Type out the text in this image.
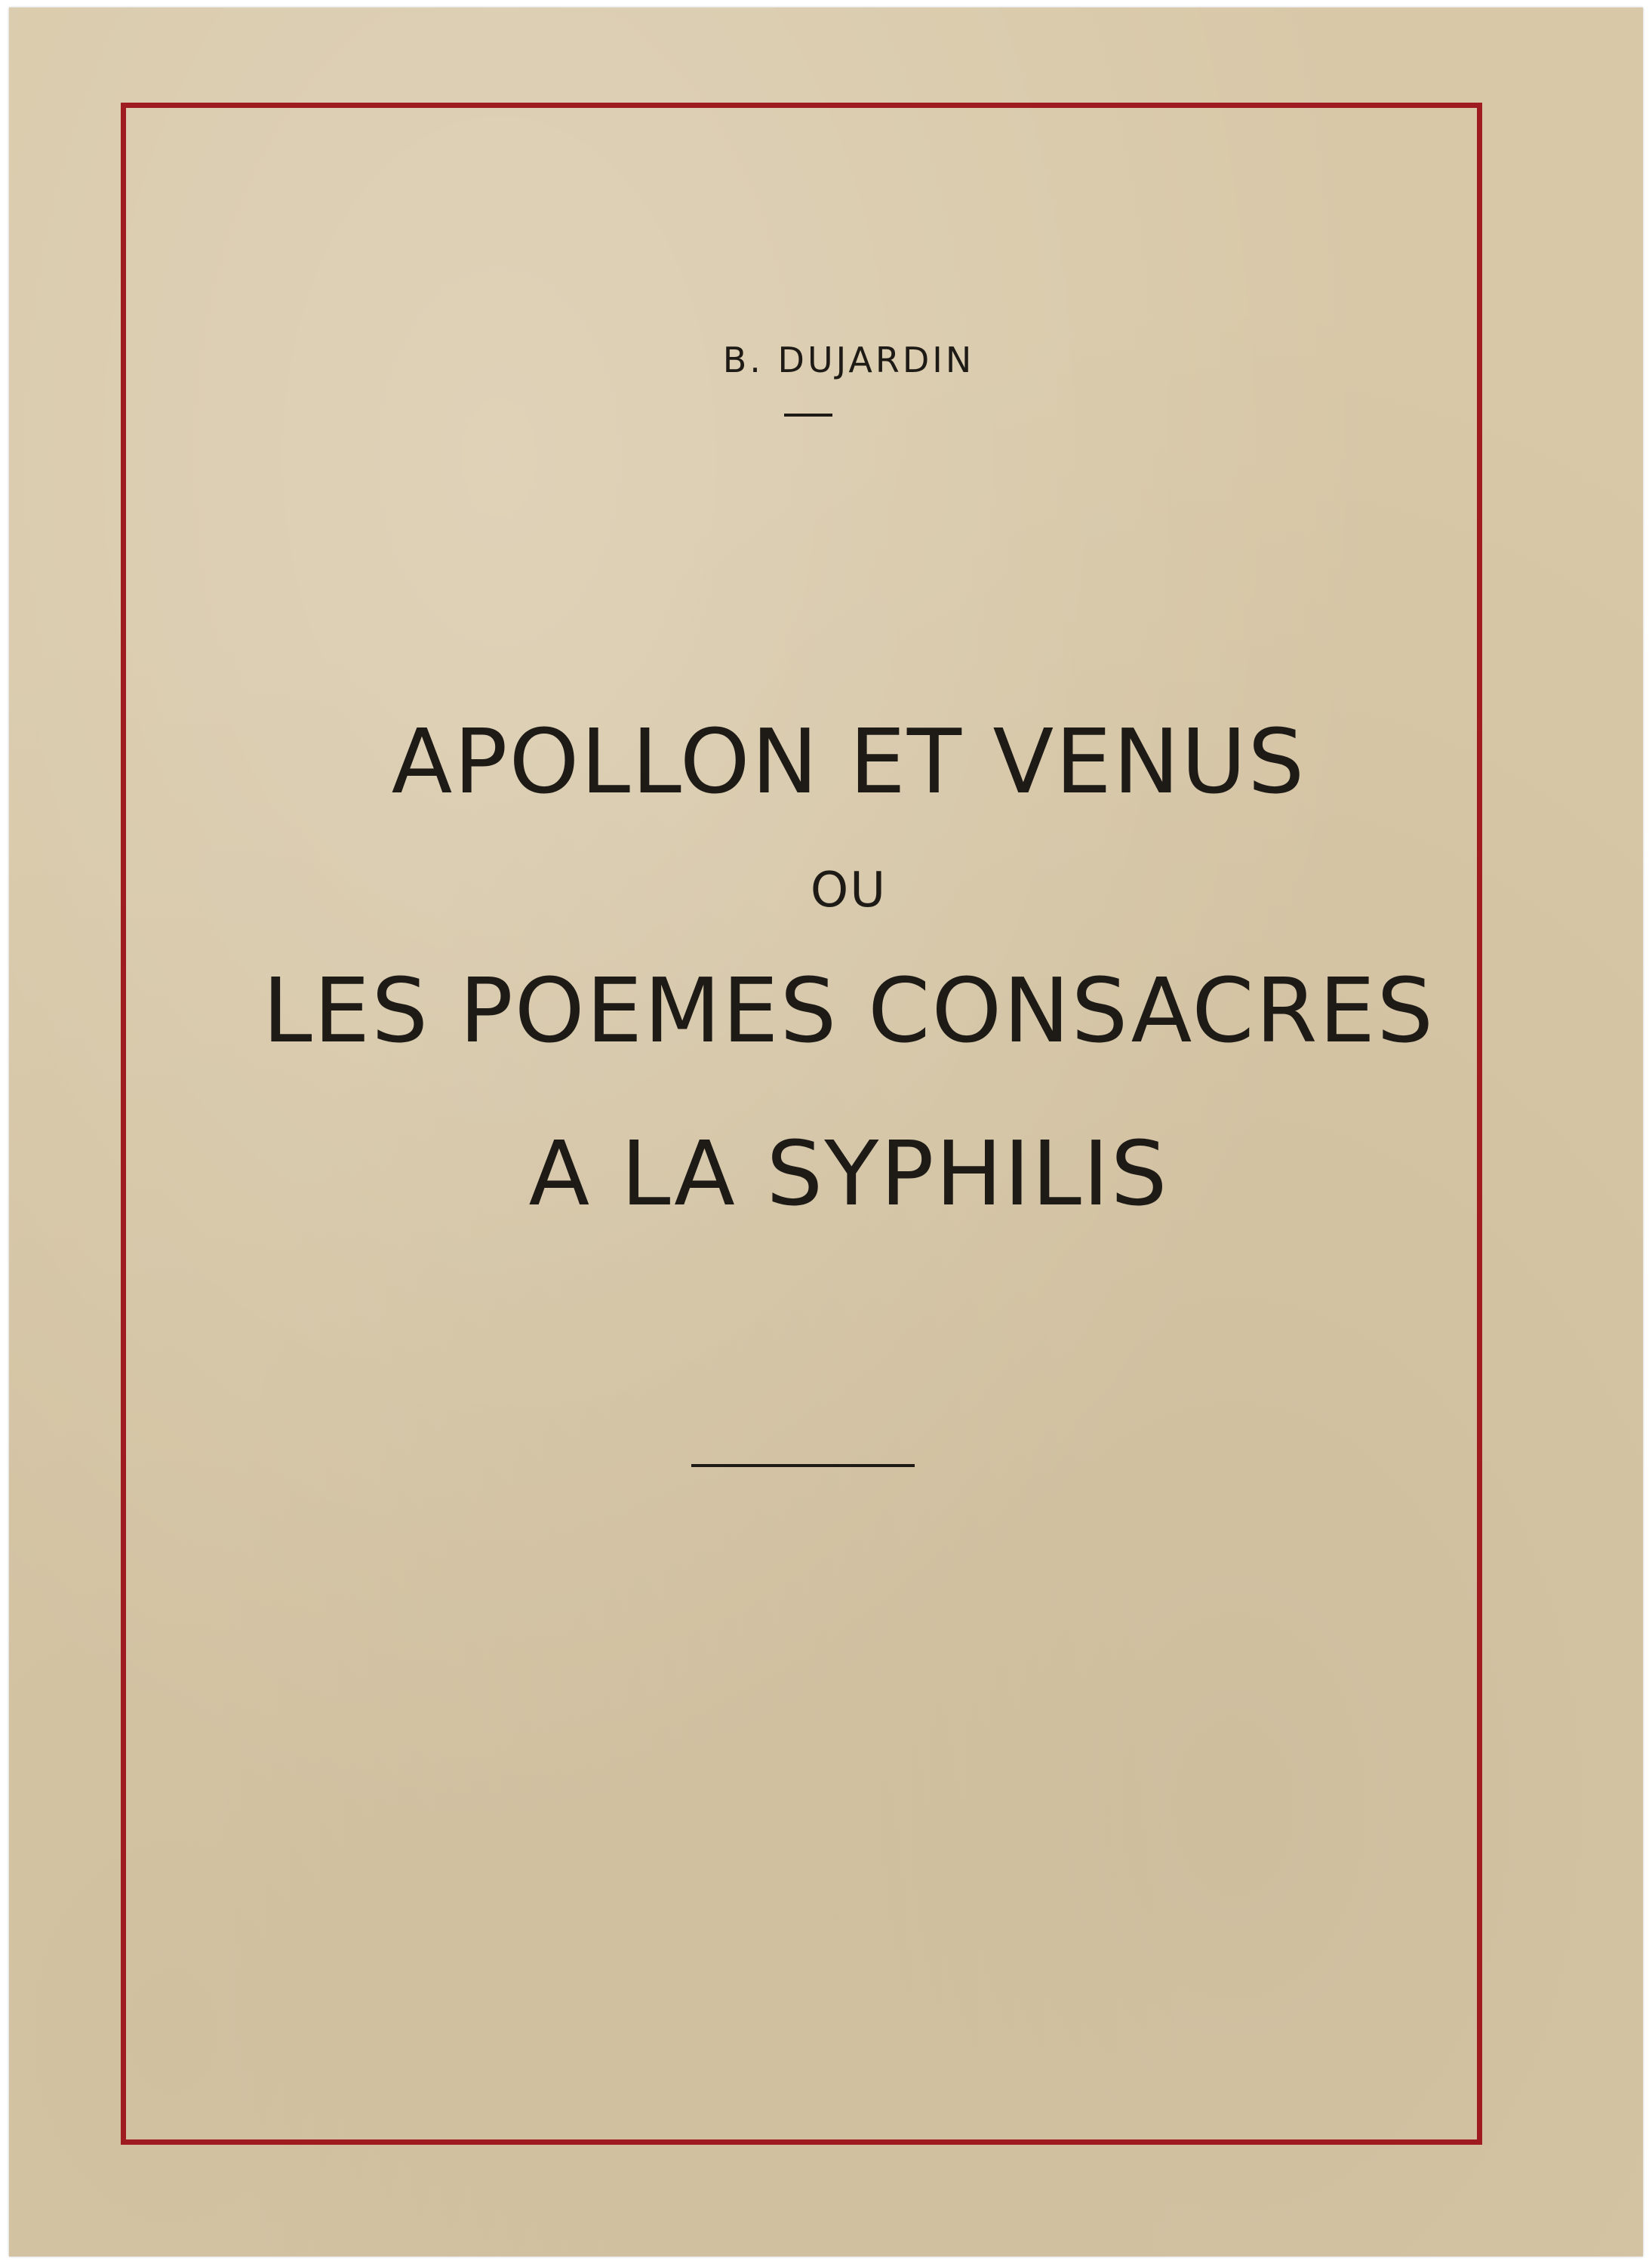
B. DUJARDIN
APOLLON ET VENUS
OU
LES POEMES CONSACRES
A LA SYPHILIS
